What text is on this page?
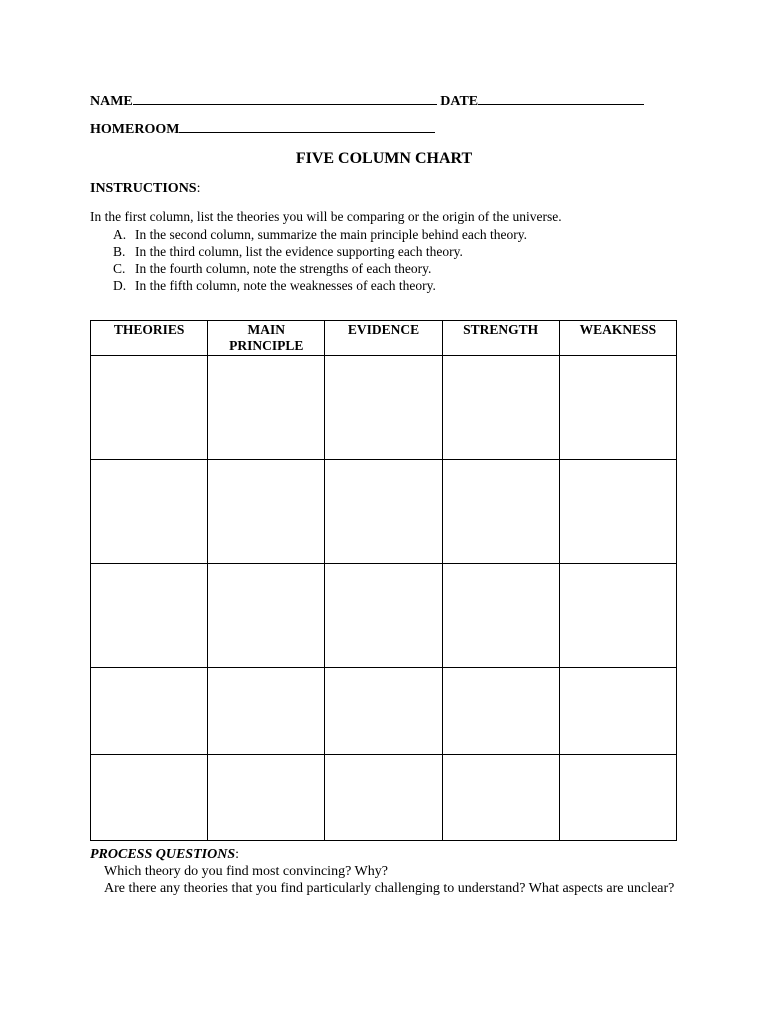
NAME	DATE
HOMEROOM
FIVE COLUMN CHART
INSTRUCTIONS:
In the first column, list the theories you will be comparing or the origin of the universe.
A. In the second column, summarize the main principle behind each theory.
B. In the third column, list the evidence supporting each theory.
C. In the fourth column, note the strengths of each theory.
D. In the fifth column, note the weaknesses of each theory.
THEORIES	MAIN PRINCIPLE	EVIDENCE	STRENGTH	WEAKNESS

PROCESS QUESTIONS:
Which theory do you find most convincing? Why?
Are there any theories that you find particularly challenging to understand? What aspects are unclear?
